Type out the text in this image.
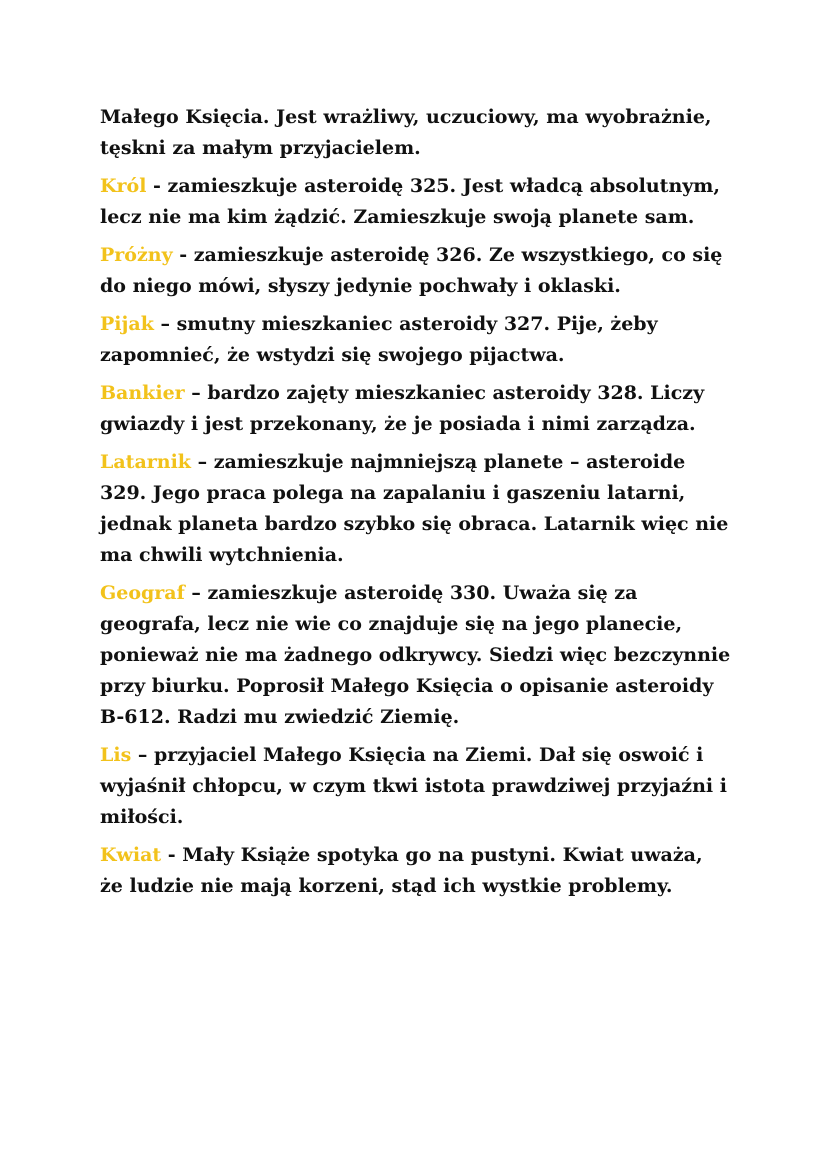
Małego Księcia. Jest wrażliwy, uczuciowy, ma wyobrażnie, tęskni za małym przyjacielem.

Król - zamieszkuje asteroidę 325. Jest władcą absolutnym, lecz nie ma kim żądzić. Zamieszkuje swoją planete sam.

Próżny - zamieszkuje asteroidę 326. Ze wszystkiego, co się do niego mówi, słyszy jedynie pochwały i oklaski.

Pijak – smutny mieszkaniec asteroidy 327. Pije, żeby zapomnieć, że wstydzi się swojego pijactwa.

Bankier – bardzo zajęty mieszkaniec asteroidy 328. Liczy gwiazdy i jest przekonany, że je posiada i nimi zarządza.

Latarnik – zamieszkuje najmniejszą planete – asteroide 329. Jego praca polega na zapalaniu i gaszeniu latarni, jednak planeta bardzo szybko się obraca. Latarnik więc nie ma chwili wytchnienia.

Geograf – zamieszkuje asteroidę 330. Uważa się za geografa, lecz nie wie co znajduje się na jego planecie, ponieważ nie ma żadnego odkrywcy. Siedzi więc bezczynnie przy biurku. Poprosił Małego Księcia o opisanie asteroidy B-612. Radzi mu zwiedzić Ziemię.

Lis – przyjaciel Małego Księcia na Ziemi. Dał się oswoić i wyjaśnił chłopcu, w czym tkwi istota prawdziwej przyjaźni i miłości.

Kwiat - Mały Książe spotyka go na pustyni. Kwiat uważa, że ludzie nie mają korzeni, stąd ich wystkie problemy.
